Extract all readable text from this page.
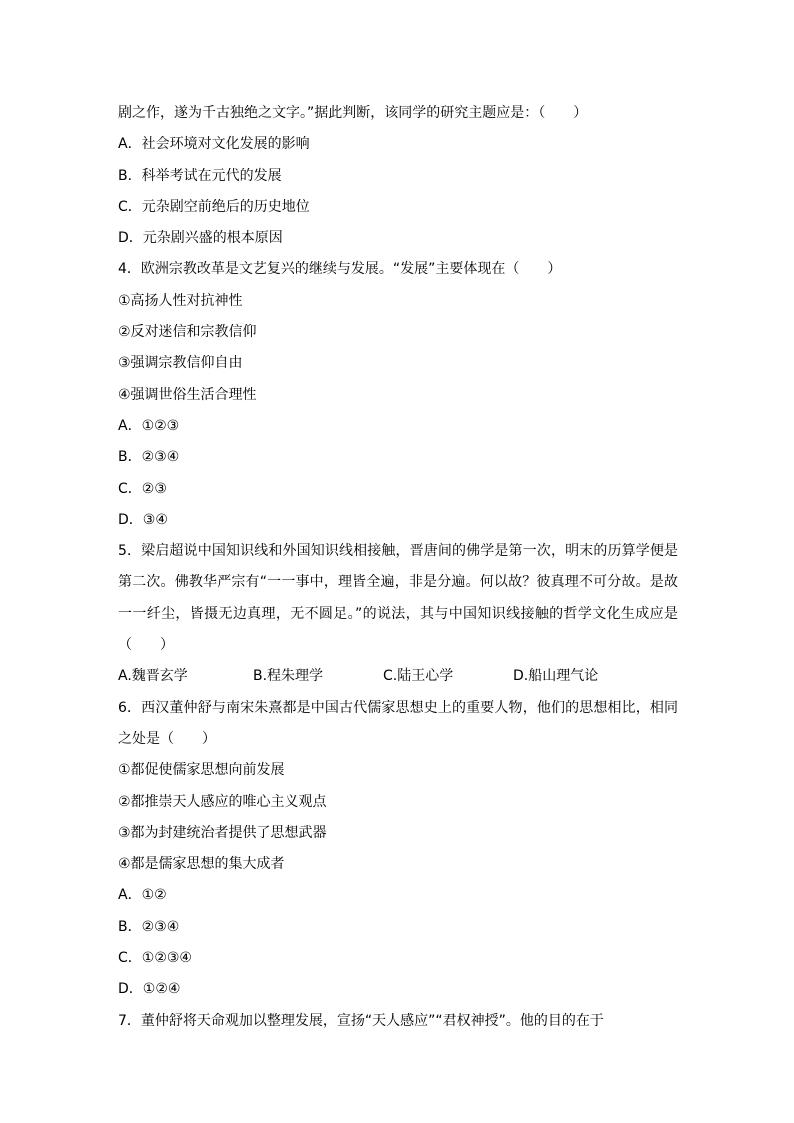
剧之作，遂为千古独绝之文字。”据此判断，该同学的研究主题应是：（　　）
A．社会环境对文化发展的影响
B．科举考试在元代的发展
C．元杂剧空前绝后的历史地位
D．元杂剧兴盛的根本原因
4．欧洲宗教改革是文艺复兴的继续与发展。“发展”主要体现在（　　）
①高扬人性对抗神性
②反对迷信和宗教信仰
③强调宗教信仰自由
④强调世俗生活合理性
A．①②③
B．②③④
C．②③
D．③④
5．梁启超说中国知识线和外国知识线相接触，晋唐间的佛学是第一次，明末的历算学便是第二次。佛教华严宗有“一一事中，理皆全遍，非是分遍。何以故？彼真理不可分故。是故一一纤尘，皆摄无边真理，无不圆足。”的说法，其与中国知识线接触的哲学文化生成应是（　　）
A.魏晋玄学	B.程朱理学	C.陆王心学	D.船山理气论
6．西汉董仲舒与南宋朱熹都是中国古代儒家思想史上的重要人物，他们的思想相比，相同之处是（　　）
①都促使儒家思想向前发展
②都推崇天人感应的唯心主义观点
③都为封建统治者提供了思想武器
④都是儒家思想的集大成者
A．①②
B．②③④
C．①②③④
D．①②④
7．董仲舒将天命观加以整理发展，宣扬“天人感应”“君权神授”。他的目的在于
